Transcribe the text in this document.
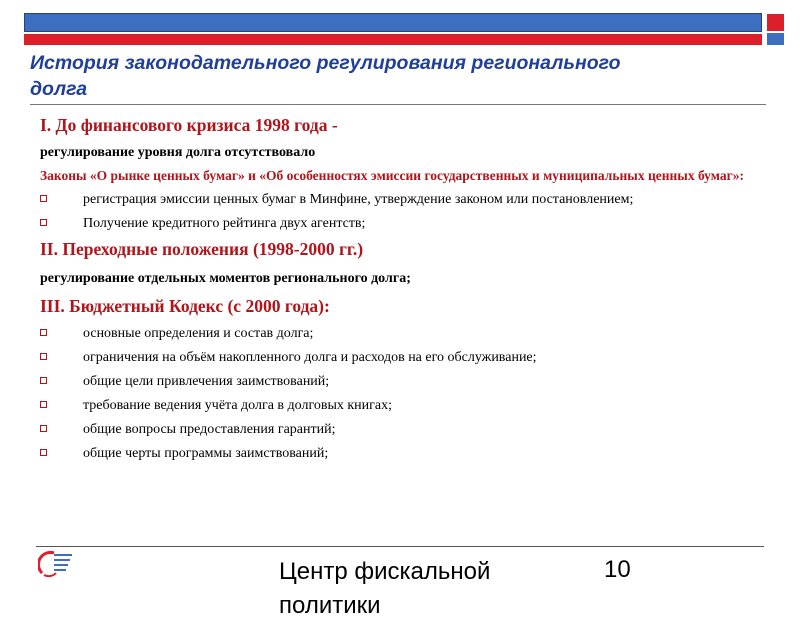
История законодательного регулирования регионального долга
I. До финансового кризиса 1998 года -
регулирование уровня долга отсутствовало
Законы «О рынке ценных бумаг» и «Об особенностях эмиссии государственных и муниципальных ценных бумаг»:
регистрация эмиссии ценных бумаг в Минфине, утверждение законом или постановлением;
Получение кредитного рейтинга двух агентств;
II. Переходные положения (1998-2000 гг.)
регулирование отдельных моментов регионального долга;
III. Бюджетный Кодекс (с 2000 года):
основные определения и состав долга;
ограничения на объём накопленного долга и расходов на его обслуживание;
общие цели привлечения заимствований;
требование ведения учёта долга в долговых книгах;
общие вопросы предоставления гарантий;
общие черты программы заимствований;
Центр фискальной политики
10
